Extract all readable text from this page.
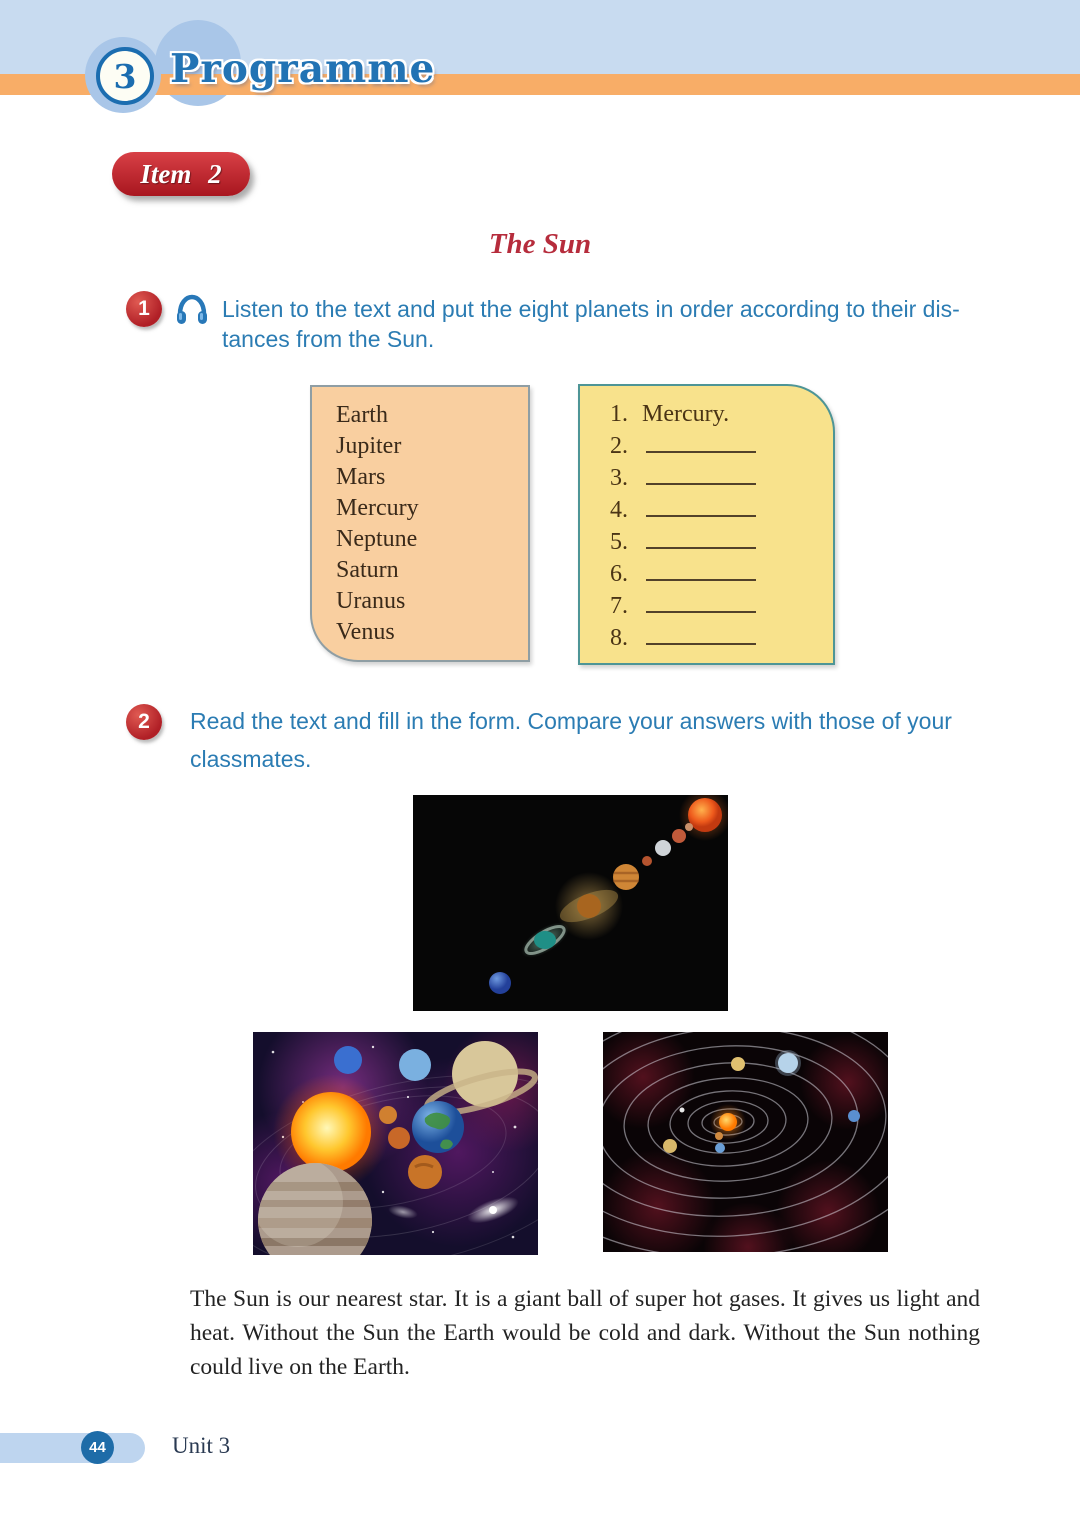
3 Programme
Item 2
The Sun
1	Listen to the text and put the eight planets in order according to their dis-
tances from the Sun.
Earth
Jupiter
Mars
Mercury
Neptune
Saturn
Uranus
Venus
1. Mercury.
2.
3.
4.
5.
6.
7.
8.
2	Read the text and fill in the form. Compare your answers with those of your
classmates.
The Sun is our nearest star. It is a giant ball of super hot gases. It gives us light and heat. Without the Sun the Earth would be cold and dark. Without the Sun nothing could live on the Earth.
44	Unit 3
